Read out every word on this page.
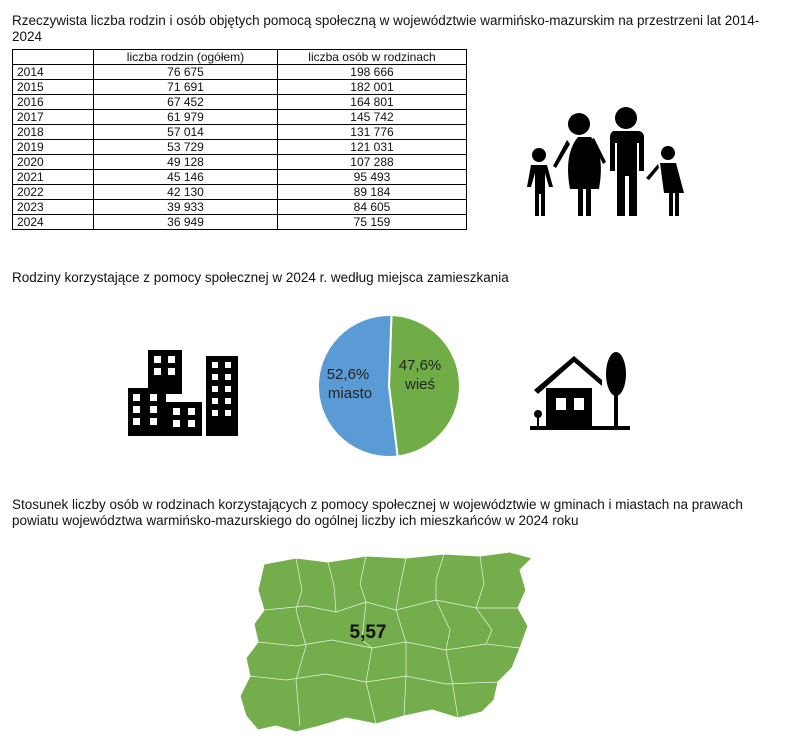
Rzeczywista liczba rodzin i osób objętych pomocą społeczną w województwie warmińsko-mazurskim na przestrzeni lat 2014-2024

	liczba rodzin (ogółem)	liczba osób w rodzinach
2014	76 675	198 666
2015	71 691	182 001
2016	67 452	164 801
2017	61 979	145 742
2018	57 014	131 776
2019	53 729	121 031
2020	49 128	107 288
2021	45 146	95 493
2022	42 130	89 184
2023	39 933	84 605
2024	36 949	75 159

Rodziny korzystające z pomocy społecznej w 2024 r. według miejsca zamieszkania

47,6%
wieś
52,6%
miasto

Stosunek liczby osób w rodzinach korzystających z pomocy społecznej w województwie w gminach i miastach na prawach powiatu województwa warmińsko-mazurskiego do ogólnej liczby ich mieszkańców w 2024 roku

5,57
